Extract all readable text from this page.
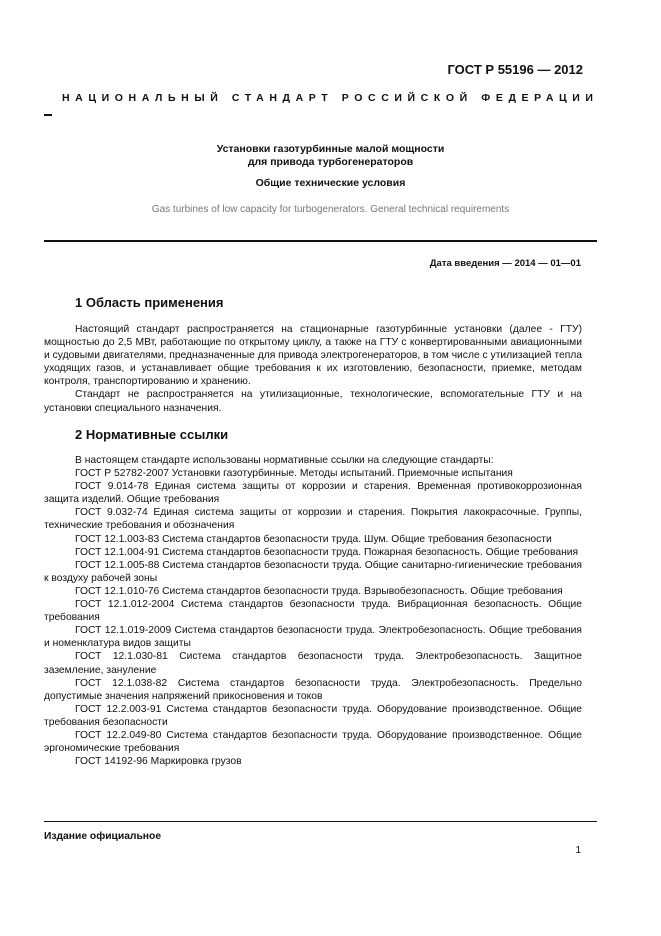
ГОСТ Р 55196 — 2012
НАЦИОНАЛЬНЫЙ СТАНДАРТ РОССИЙСКОЙ ФЕДЕРАЦИИ
Установки газотурбинные малой мощности
для привода турбогенераторов
Общие технические условия
Gas turbines of low capacity for turbogenerators. General technical requirements
Дата введения — 2014 — 01—01
1 Область применения

Настоящий стандарт распространяется на стационарные газотурбинные установки (далее - ГТУ) мощностью до 2,5 МВт, работающие по открытому циклу, а также на ГТУ с конвертированными авиационными и судовыми двигателями, предназначенные для привода электрогенераторов, в том числе с утилизацией тепла уходящих газов, и устанавливает общие требования к их изготовлению, безопасности, приемке, методам контроля, транспортированию и хранению.

Стандарт не распространяется на утилизационные, технологические, вспомогательные ГТУ и на установки специального назначения.

2 Нормативные ссылки

В настоящем стандарте использованы нормативные ссылки на следующие стандарты:

ГОСТ Р 52782-2007 Установки газотурбинные. Методы испытаний. Приемочные испытания

ГОСТ 9.014-78 Единая система защиты от коррозии и старения. Временная противокоррозионная защита изделий. Общие требования

ГОСТ 9.032-74 Единая система защиты от коррозии и старения. Покрытия лакокрасочные. Группы, технические требования и обозначения

ГОСТ 12.1.003-83 Система стандартов безопасности труда. Шум. Общие требования безопасности

ГОСТ 12.1.004-91 Система стандартов безопасности труда. Пожарная безопасность. Общие требования

ГОСТ 12.1.005-88 Система стандартов безопасности труда. Общие санитарно-гигиенические требования к воздуху рабочей зоны

ГОСТ 12.1.010-76 Система стандартов безопасности труда. Взрывобезопасность. Общие требования

ГОСТ 12.1.012-2004 Система стандартов безопасности труда. Вибрационная безопасность. Общие требования

ГОСТ 12.1.019-2009 Система стандартов безопасности труда. Электробезопасность. Общие требования и номенклатура видов защиты

ГОСТ 12.1.030-81 Система стандартов безопасности труда. Электробезопасность. Защитное заземление, зануление

ГОСТ 12.1.038-82 Система стандартов безопасности труда. Электробезопасность. Предельно допустимые значения напряжений прикосновения и токов

ГОСТ 12.2.003-91 Система стандартов безопасности труда. Оборудование производственное. Общие требования безопасности

ГОСТ 12.2.049-80 Система стандартов безопасности труда. Оборудование производственное. Общие эргономические требования

ГОСТ 14192-96 Маркировка грузов

Издание официальное
1
